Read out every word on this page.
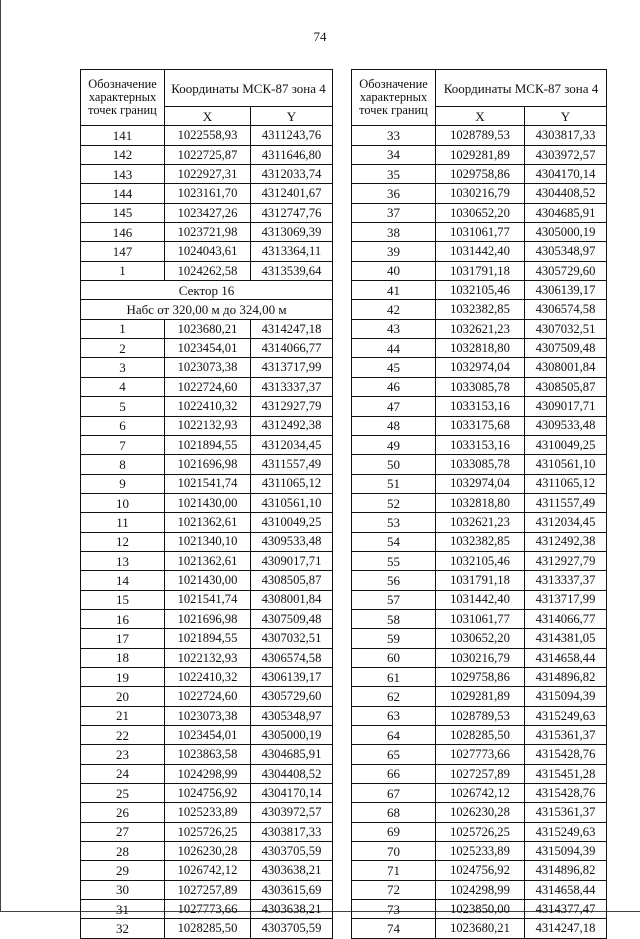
74
Обозначение
характерных
точек границ	Координаты МСК-87 зона 4	
	X	Y
141	1022558,93	4311243,76
142	1022725,87	4311646,80
143	1022927,31	4312033,74
144	1023161,70	4312401,67
145	1023427,26	4312747,76
146	1023721,98	4313069,39
147	1024043,61	4313364,11
1	1024262,58	4313539,64
Сектор 16		
Набс от 320,00 м до 324,00 м		
1	1023680,21	4314247,18
2	1023454,01	4314066,77
3	1023073,38	4313717,99
4	1022724,60	4313337,37
5	1022410,32	4312927,79
6	1022132,93	4312492,38
7	1021894,55	4312034,45
8	1021696,98	4311557,49
9	1021541,74	4311065,12
10	1021430,00	4310561,10
11	1021362,61	4310049,25
12	1021340,10	4309533,48
13	1021362,61	4309017,71
14	1021430,00	4308505,87
15	1021541,74	4308001,84
16	1021696,98	4307509,48
17	1021894,55	4307032,51
18	1022132,93	4306574,58
19	1022410,32	4306139,17
20	1022724,60	4305729,60
21	1023073,38	4305348,97
22	1023454,01	4305000,19
23	1023863,58	4304685,91
24	1024298,99	4304408,52
25	1024756,92	4304170,14
26	1025233,89	4303972,57
27	1025726,25	4303817,33
28	1026230,28	4303705,59
29	1026742,12	4303638,21
30	1027257,89	4303615,69
31	1027773,66	4303638,21
32	1028285,50	4303705,59
Обозначение
характерных
точек границ	Координаты МСК-87 зона 4	
	X	Y
33	1028789,53	4303817,33
34	1029281,89	4303972,57
35	1029758,86	4304170,14
36	1030216,79	4304408,52
37	1030652,20	4304685,91
38	1031061,77	4305000,19
39	1031442,40	4305348,97
40	1031791,18	4305729,60
41	1032105,46	4306139,17
42	1032382,85	4306574,58
43	1032621,23	4307032,51
44	1032818,80	4307509,48
45	1032974,04	4308001,84
46	1033085,78	4308505,87
47	1033153,16	4309017,71
48	1033175,68	4309533,48
49	1033153,16	4310049,25
50	1033085,78	4310561,10
51	1032974,04	4311065,12
52	1032818,80	4311557,49
53	1032621,23	4312034,45
54	1032382,85	4312492,38
55	1032105,46	4312927,79
56	1031791,18	4313337,37
57	1031442,40	4313717,99
58	1031061,77	4314066,77
59	1030652,20	4314381,05
60	1030216,79	4314658,44
61	1029758,86	4314896,82
62	1029281,89	4315094,39
63	1028789,53	4315249,63
64	1028285,50	4315361,37
65	1027773,66	4315428,76
66	1027257,89	4315451,28
67	1026742,12	4315428,76
68	1026230,28	4315361,37
69	1025726,25	4315249,63
70	1025233,89	4315094,39
71	1024756,92	4314896,82
72	1024298,99	4314658,44
73	1023850,00	4314377,47
74	1023680,21	4314247,18
